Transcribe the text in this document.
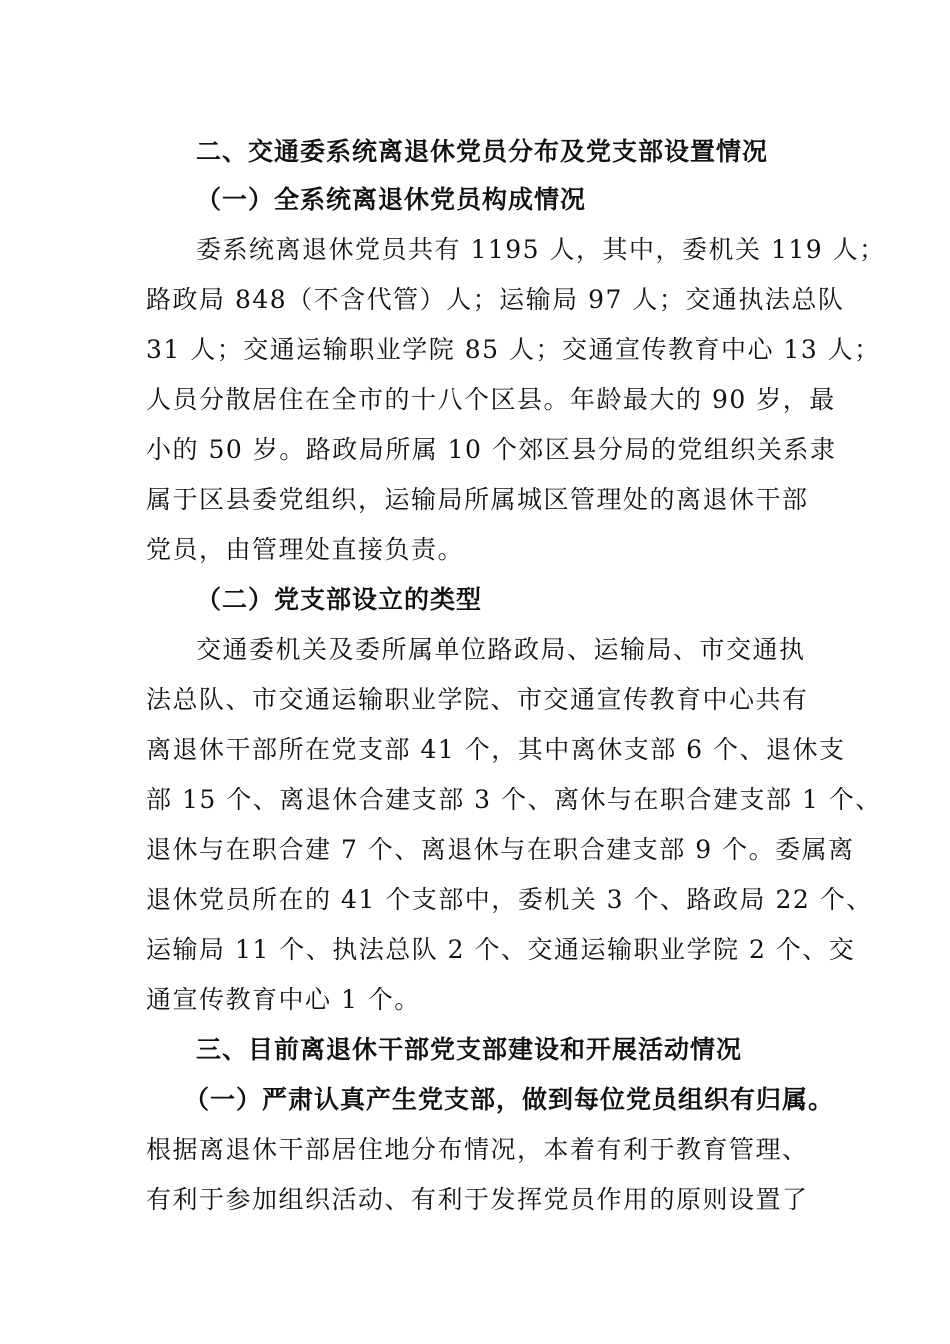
二、交通委系统离退休党员分布及党支部设置情况
（一）全系统离退休党员构成情况
委系统离退休党员共有 1195 人，其中，委机关 119 人；
路政局 848（不含代管）人；运输局 97 人；交通执法总队
31 人；交通运输职业学院 85 人；交通宣传教育中心 13 人；
人员分散居住在全市的十八个区县。年龄最大的 90 岁，最
小的 50 岁。路政局所属 10 个郊区县分局的党组织关系隶
属于区县委党组织，运输局所属城区管理处的离退休干部
党员，由管理处直接负责。
（二）党支部设立的类型
交通委机关及委所属单位路政局、运输局、市交通执
法总队、市交通运输职业学院、市交通宣传教育中心共有
离退休干部所在党支部 41 个，其中离休支部 6 个、退休支
部 15 个、离退休合建支部 3 个、离休与在职合建支部 1 个、
退休与在职合建 7 个、离退休与在职合建支部 9 个。委属离
退休党员所在的 41 个支部中，委机关 3 个、路政局 22 个、
运输局 11 个、执法总队 2 个、交通运输职业学院 2 个、交
通宣传教育中心 1 个。
三、目前离退休干部党支部建设和开展活动情况
（一）严肃认真产生党支部，做到每位党员组织有归属。
根据离退休干部居住地分布情况，本着有利于教育管理、
有利于参加组织活动、有利于发挥党员作用的原则设置了
